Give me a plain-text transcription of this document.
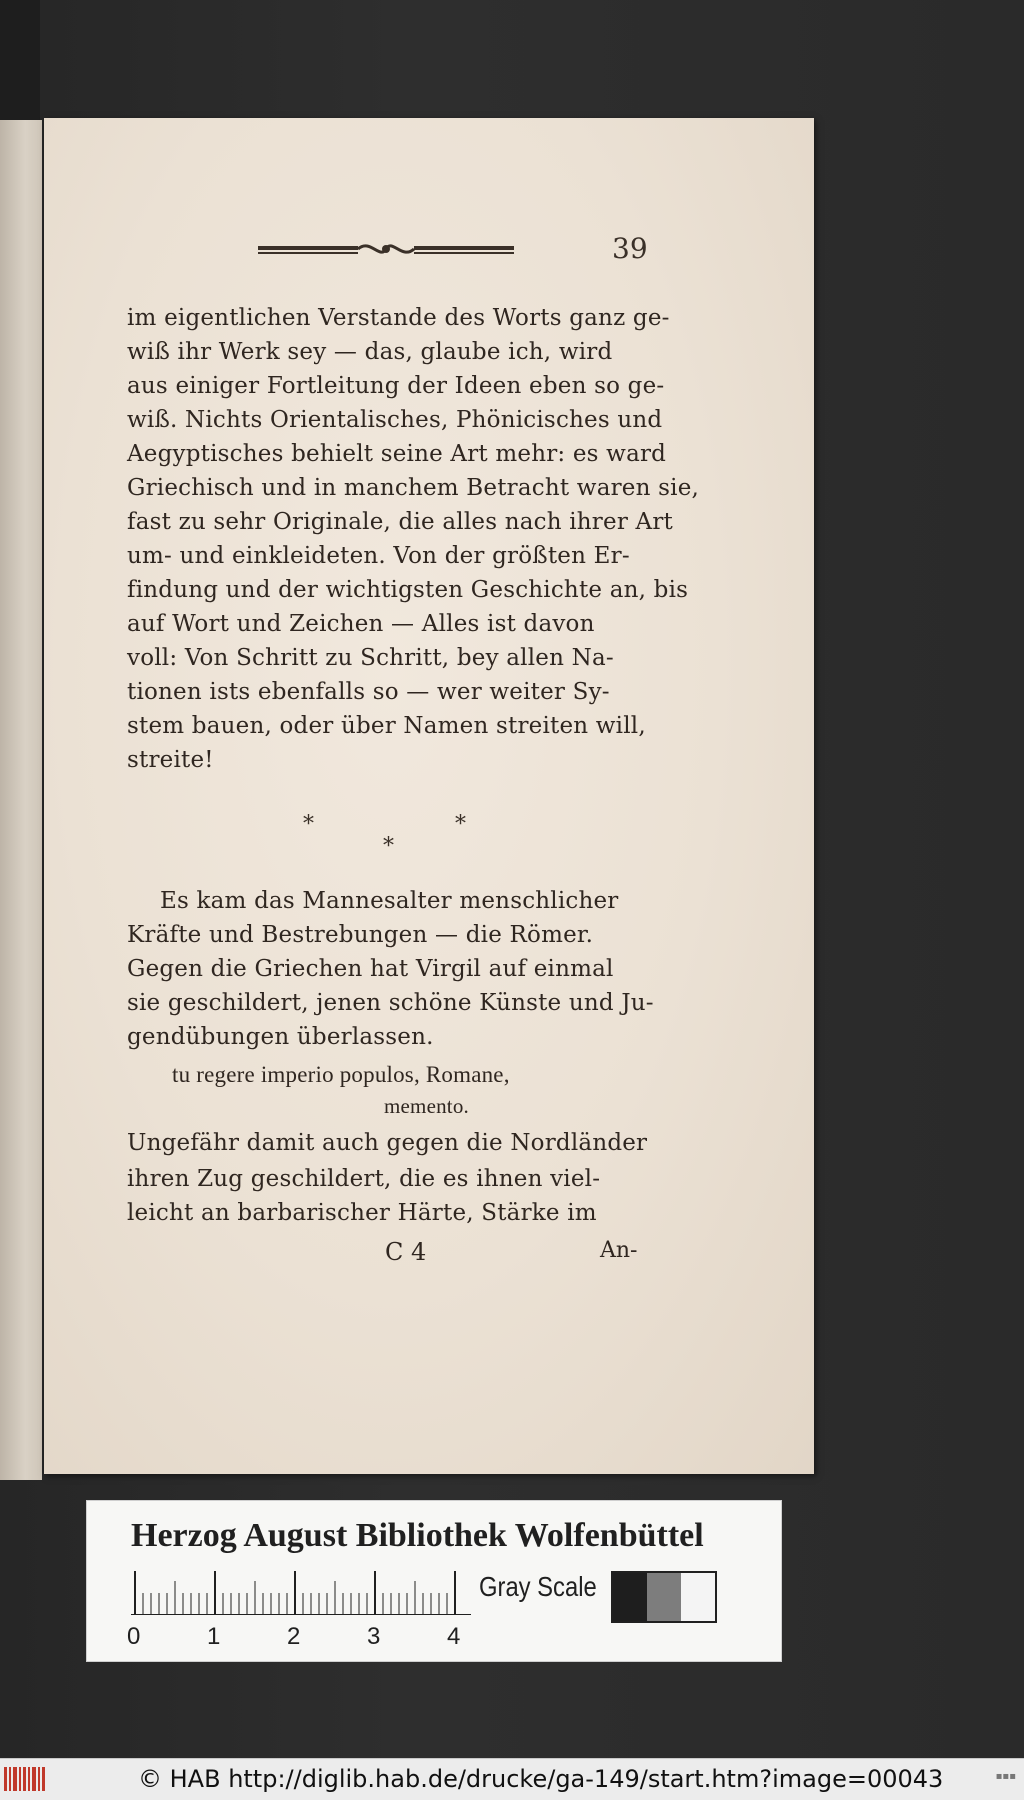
39
im eigentlichen Verstande des Worts ganz ge-
wiß ihr Werk sey — das, glaube ich, wird
aus einiger Fortleitung der Ideen eben so ge-
wiß. Nichts Orientalisches, Phönicisches und
Aegyptisches behielt seine Art mehr: es ward
Griechisch und in manchem Betracht waren sie,
fast zu sehr Originale, die alles nach ihrer Art
um- und einkleideten. Von der größten Er-
findung und der wichtigsten Geschichte an, bis
auf Wort und Zeichen — Alles ist davon
voll: Von Schritt zu Schritt, bey allen Na-
tionen ists ebenfalls so — wer weiter Sy-
stem bauen, oder über Namen streiten will,
streite!
*	*
*
Es kam das Mannesalter menschlicher
Kräfte und Bestrebungen — die Römer.
Gegen die Griechen hat Virgil auf einmal
sie geschildert, jenen schöne Künste und Ju-
gendübungen überlassen.
tu regere imperio populos, Romane,
memento.
Ungefähr damit auch gegen die Nordländer
ihren Zug geschildert, die es ihnen viel-
leicht an barbarischer Härte, Stärke im
C 4	An-
Herzog August Bibliothek Wolfenbüttel
0	1	2	3	4
Gray Scale
© HAB http://diglib.hab.de/drucke/ga-149/start.htm?image=00043	▪▪▪
